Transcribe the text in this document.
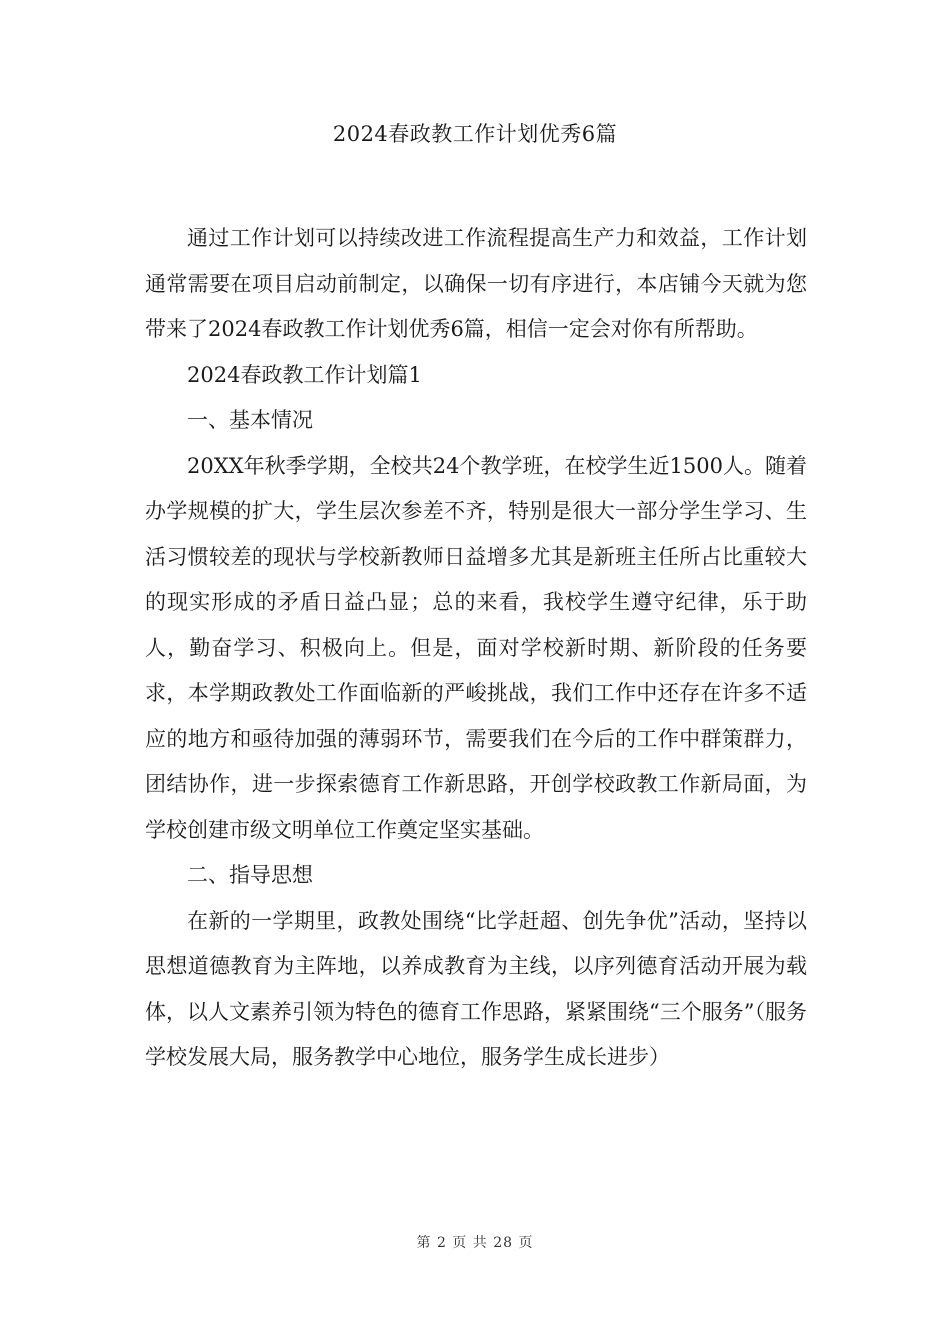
2024春政教工作计划优秀6篇

通过工作计划可以持续改进工作流程提高生产力和效益，工作计划通常需要在项目启动前制定，以确保一切有序进行，本店铺今天就为您带来了2024春政教工作计划优秀6篇，相信一定会对你有所帮助。

2024春政教工作计划篇1

一、基本情况

20XX年秋季学期，全校共24个教学班，在校学生近1500人。随着办学规模的扩大，学生层次参差不齐，特别是很大一部分学生学习、生活习惯较差的现状与学校新教师日益增多尤其是新班主任所占比重较大的现实形成的矛盾日益凸显；总的来看，我校学生遵守纪律，乐于助人，勤奋学习、积极向上。但是，面对学校新时期、新阶段的任务要求，本学期政教处工作面临新的严峻挑战，我们工作中还存在许多不适应的地方和亟待加强的薄弱环节，需要我们在今后的工作中群策群力，团结协作，进一步探索德育工作新思路，开创学校政教工作新局面，为学校创建市级文明单位工作奠定坚实基础。

二、指导思想

在新的一学期里，政教处围绕“比学赶超、创先争优”活动，坚持以思想道德教育为主阵地，以养成教育为主线，以序列德育活动开展为载体，以人文素养引领为特色的德育工作思路，紧紧围绕“三个服务”（服务学校发展大局，服务教学中心地位，服务学生成长进步）

第 2 页 共 28 页
